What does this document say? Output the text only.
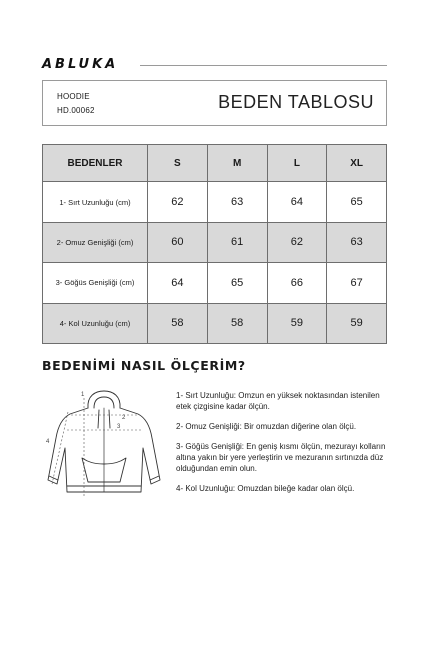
ABLUKA
HOODIE
HD.00062	BEDEN TABLOSU
BEDENLER	S	M	L	XL
1- Sırt Uzunluğu (cm)	62	63	64	65
2- Omuz Genişliği (cm)	60	61	62	63
3- Göğüs Genişliği (cm)	64	65	66	67
4- Kol Uzunluğu (cm)	58	58	59	59
BEDENİMİ NASIL ÖLÇERİM?
1
2
3
4

1- Sırt Uzunluğu: Omzun en yüksek noktasından istenilen etek çizgisine kadar ölçün.

2- Omuz Genişliği: Bir omuzdan diğerine olan ölçü.

3- Göğüs Genişliği: En geniş kısmı ölçün, mezurayı kolların altına yakın bir yere yerleştirin ve mezuranın sırtınızda düz olduğundan emin olun.

4- Kol Uzunluğu: Omuzdan bileğe kadar olan ölçü.
